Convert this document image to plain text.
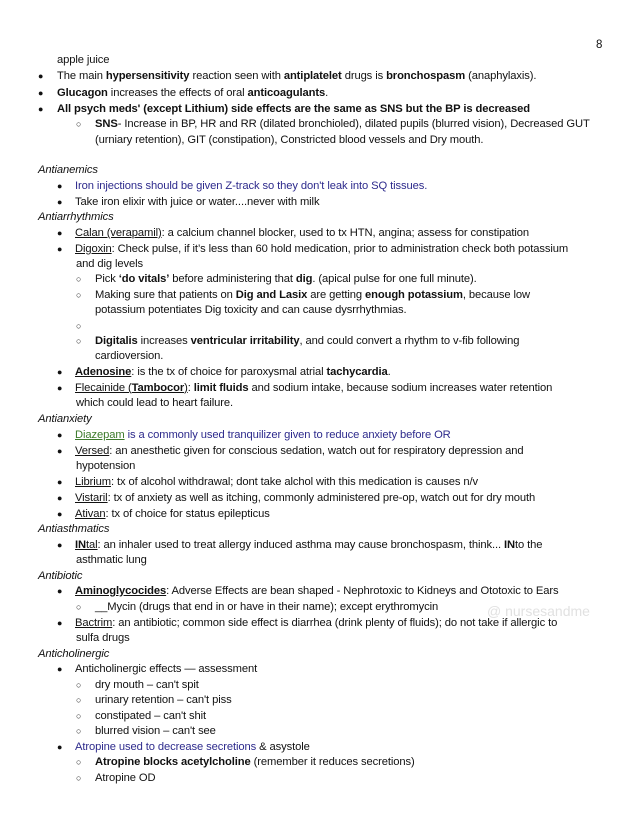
8
apple juice
● The main hypersensitivity reaction seen with antiplatelet drugs is bronchospasm (anaphylaxis).
● Glucagon increases the effects of oral anticoagulants.
● All psych meds' (except Lithium) side effects are the same as SNS but the BP is decreased
○ SNS- Increase in BP, HR and RR (dilated bronchioled), dilated pupils (blurred vision), Decreased GUT
(urniary retention), GIT (constipation), Constricted blood vessels and Dry mouth.
Antianemics
● Iron injections should be given Z-track so they don't leak into SQ tissues.
● Take iron elixir with juice or water....never with milk
Antiarrhythmics
● Calan (verapamil): a calcium channel blocker, used to tx HTN, angina; assess for constipation
● Digoxin: Check pulse, if it’s less than 60 hold medication, prior to administration check both potassium
and dig levels
○ Pick ‘do vitals’ before administering that dig. (apical pulse for one full minute).
○ Making sure that patients on Dig and Lasix are getting enough potassium, because low
potassium potentiates Dig toxicity and can cause dysrrhythmias.
○
○ Digitalis increases ventricular irritability, and could convert a rhythm to v-fib following
cardioversion.
● Adenosine: is the tx of choice for paroxysmal atrial tachycardia.
● Flecainide (Tambocor): limit fluids and sodium intake, because sodium increases water retention
which could lead to heart failure.
Antianxiety
● Diazepam is a commonly used tranquilizer given to reduce anxiety before OR
● Versed: an anesthetic given for conscious sedation, watch out for respiratory depression and
hypotension
● Librium: tx of alcohol withdrawal; dont take alchol with this medication is causes n/v
● Vistaril: tx of anxiety as well as itching, commonly administered pre-op, watch out for dry mouth
● Ativan: tx of choice for status epilepticus
Antiasthmatics
● INtal: an inhaler used to treat allergy induced asthma may cause bronchospasm, think... INto the
asthmatic lung
Antibiotic
● Aminoglycocides: Adverse Effects are bean shaped - Nephrotoxic to Kidneys and Ototoxic to Ears
○ __Mycin (drugs that end in or have in their name); except erythromycin
● Bactrim: an antibiotic; common side effect is diarrhea (drink plenty of fluids); do not take if allergic to
sulfa drugs
Anticholinergic
● Anticholinergic effects — assessment
○ dry mouth – can't spit
○ urinary retention – can't piss
○ constipated – can't shit
○ blurred vision – can't see
● Atropine used to decrease secretions & asystole
○ Atropine blocks acetylcholine (remember it reduces secretions)
○ Atropine OD
@ nursesandme
